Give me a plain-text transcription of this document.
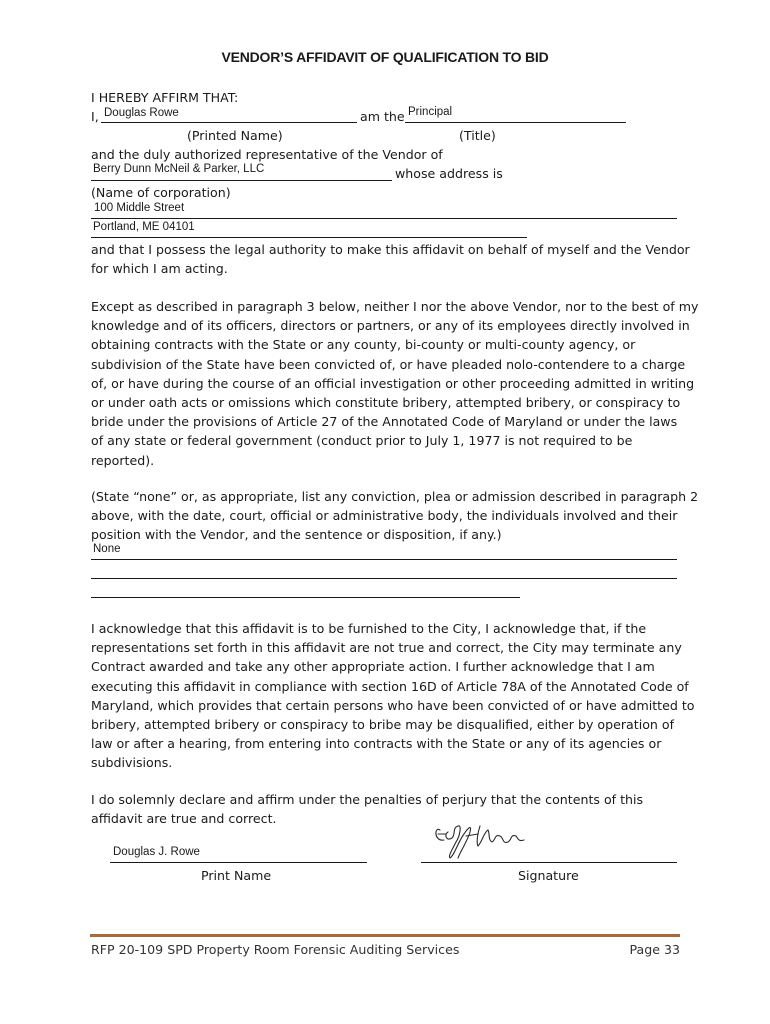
VENDOR’S AFFIDAVIT OF QUALIFICATION TO BID
I HEREBY AFFIRM THAT:
I, Douglas Rowe	am the Principal
(Printed Name)	(Title)
and the duly authorized representative of the Vendor of
Berry Dunn McNeil & Parker, LLC	whose address is
(Name of corporation)
100 Middle Street
Portland, ME 04101
and that I possess the legal authority to make this affidavit on behalf of myself and the Vendor
for which I am acting.
Except as described in paragraph 3 below, neither I nor the above Vendor, nor to the best of my
knowledge and of its officers, directors or partners, or any of its employees directly involved in
obtaining contracts with the State or any county, bi-county or multi-county agency, or
subdivision of the State have been convicted of, or have pleaded nolo-contendere to a charge
of, or have during the course of an official investigation or other proceeding admitted in writing
or under oath acts or omissions which constitute bribery, attempted bribery, or conspiracy to
bride under the provisions of Article 27 of the Annotated Code of Maryland or under the laws
of any state or federal government (conduct prior to July 1, 1977 is not required to be
reported).
(State “none” or, as appropriate, list any conviction, plea or admission described in paragraph 2
above, with the date, court, official or administrative body, the individuals involved and their
position with the Vendor, and the sentence or disposition, if any.)
None
I acknowledge that this affidavit is to be furnished to the City, I acknowledge that, if the
representations set forth in this affidavit are not true and correct, the City may terminate any
Contract awarded and take any other appropriate action. I further acknowledge that I am
executing this affidavit in compliance with section 16D of Article 78A of the Annotated Code of
Maryland, which provides that certain persons who have been convicted of or have admitted to
bribery, attempted bribery or conspiracy to bribe may be disqualified, either by operation of
law or after a hearing, from entering into contracts with the State or any of its agencies or
subdivisions.
I do solemnly declare and affirm under the penalties of perjury that the contents of this
affidavit are true and correct.
Douglas J. Rowe
Print Name	Signature
RFP 20-109 SPD Property Room Forensic Auditing Services	Page 33
